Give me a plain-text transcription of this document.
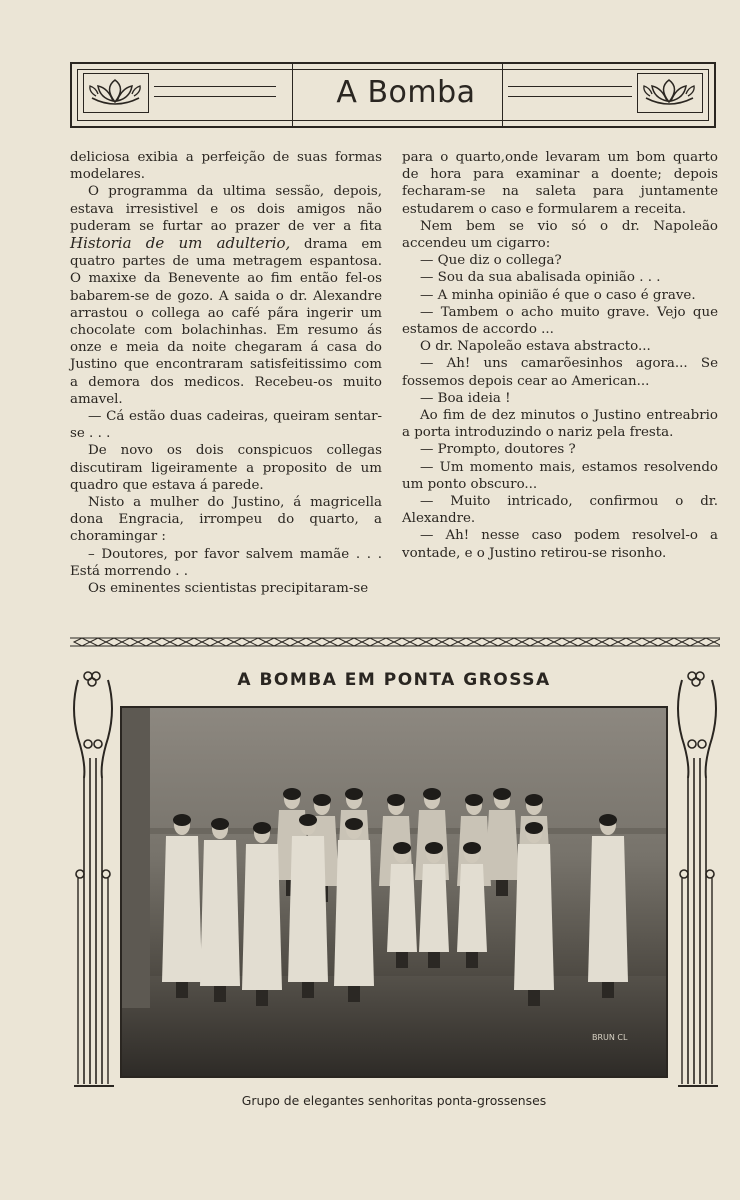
A Bomba

deliciosa exibia a perfeição de suas formas modelares.

O programma da ultima sessão, depois, estava irresistivel e os dois amigos não puderam se furtar ao prazer de ver a fita Historia de um adulterio, drama em quatro partes de uma metragem espantosa. O maxixe da Benevente ao fim então fel-os babarem-se de gozo. A saida o dr. Alexandre arrastou o collega ao café pa̋ra ingerir um chocolate com bolachinhas. Em resumo ás onze e meia da noite chegaram á casa do Justino que encontraram satisfeitissimo com a demora dos medicos. Recebeu-os muito amavel.

— Cá estão duas cadeiras, queiram sentar-se . . .

De novo os dois conspicuos collegas discutiram ligeiramente a proposito de um quadro que estava á parede.

Nisto a mulher do Justino, á magricella dona Engracia, irrompeu do quarto, a choramingar :

– Doutores, por favor salvem mamãe . . . Está morrendo . .

Os eminentes scientistas precipitaram-se

para o quarto,onde levaram um bom quarto de hora para examinar a doente; depois fecharam-se na saleta para juntamente estudarem o caso e formularem a receita.

Nem bem se vio só o dr. Napoleão accendeu um cigarro:

— Que diz o collega?

— Sou da sua abalisada opinião . . .

— A minha opinião é que o caso é grave.

— Tambem o acho muito grave. Vejo que estamos de accordo ...

O dr. Napoleão estava abstracto...

— Ah! uns camarõesinhos agora... Se fossemos depois cear ao American...

— Boa ideia !

Ao fim de dez minutos o Justino entreabrio a porta introduzindo o nariz pela fresta.

— Prompto, doutores ?

— Um momento mais, estamos resolvendo um ponto obscuro...

— Muito intricado, confirmou o dr. Alexandre.

— Ah! nesse caso podem resolvel-o a vontade, e o Justino retirou-se risonho.

A BOMBA EM PONTA GROSSA
BRUN CL
Grupo de elegantes senhoritas ponta-grossenses
